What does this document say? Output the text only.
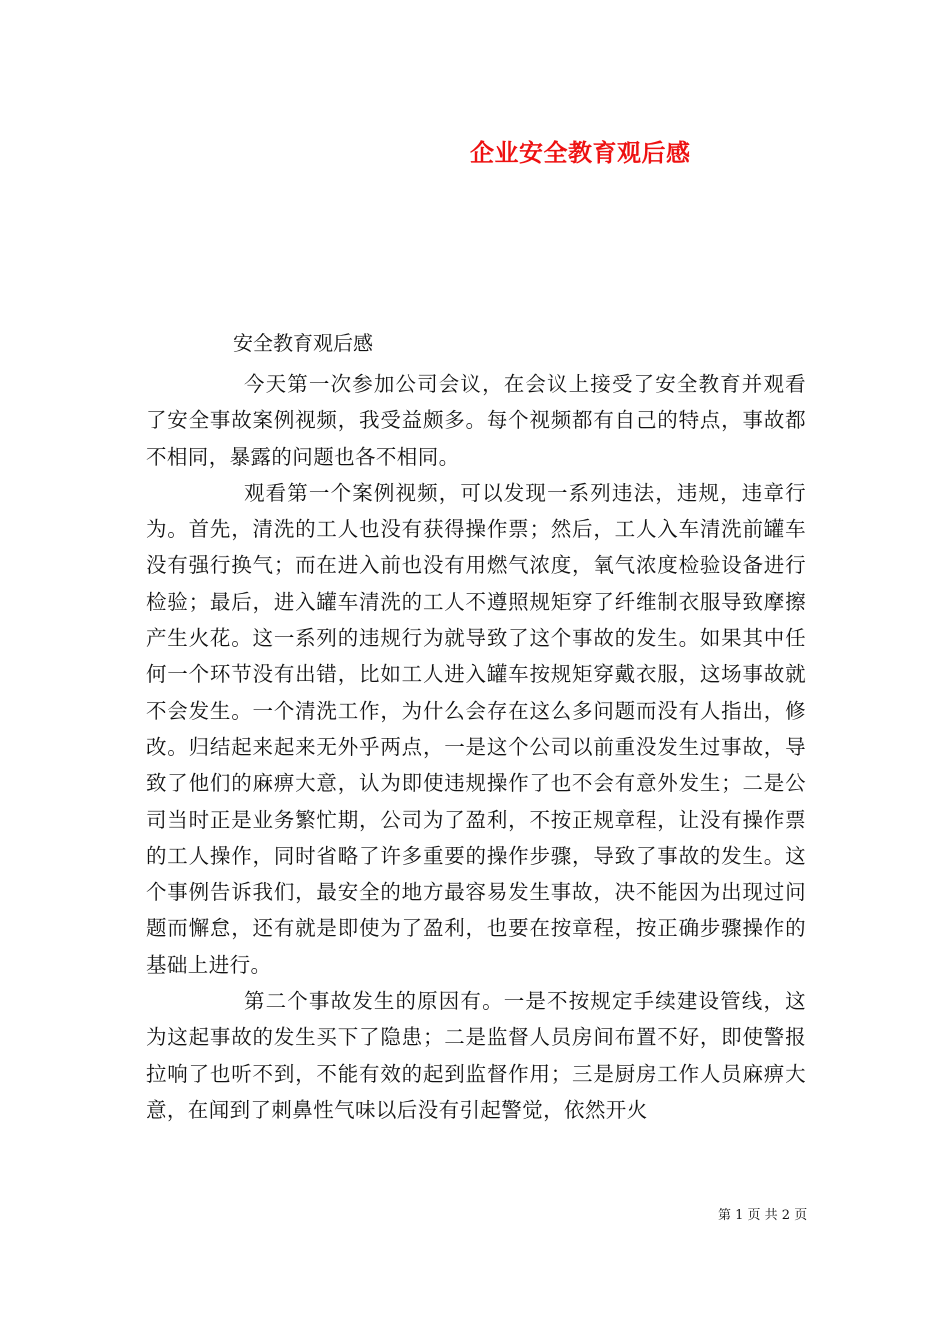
企业安全教育观后感
安全教育观后感

今天第一次参加公司会议，在会议上接受了安全教育并观看了安全事故案例视频，我受益颇多。每个视频都有自己的特点，事故都不相同，暴露的问题也各不相同。

观看第一个案例视频，可以发现一系列违法，违规，违章行为。首先，清洗的工人也没有获得操作票；然后，工人入车清洗前罐车没有强行换气；而在进入前也没有用燃气浓度，氧气浓度检验设备进行检验；最后，进入罐车清洗的工人不遵照规矩穿了纤维制衣服导致摩擦产生火花。这一系列的违规行为就导致了这个事故的发生。如果其中任何一个环节没有出错，比如工人进入罐车按规矩穿戴衣服，这场事故就不会发生。一个清洗工作，为什么会存在这么多问题而没有人指出，修改。归结起来起来无外乎两点，一是这个公司以前重没发生过事故，导致了他们的麻痹大意，认为即使违规操作了也不会有意外发生；二是公司当时正是业务繁忙期，公司为了盈利，不按正规章程，让没有操作票的工人操作，同时省略了许多重要的操作步骤，导致了事故的发生。这个事例告诉我们，最安全的地方最容易发生事故，决不能因为出现过问题而懈怠，还有就是即使为了盈利，也要在按章程，按正确步骤操作的基础上进行。

第二个事故发生的原因有。一是不按规定手续建设管线，这为这起事故的发生买下了隐患；二是监督人员房间布置不好，即使警报拉响了也听不到，不能有效的起到监督作用；三是厨房工作人员麻痹大意，在闻到了刺鼻性气味以后没有引起警觉，依然开火

第 1 页 共 2 页
